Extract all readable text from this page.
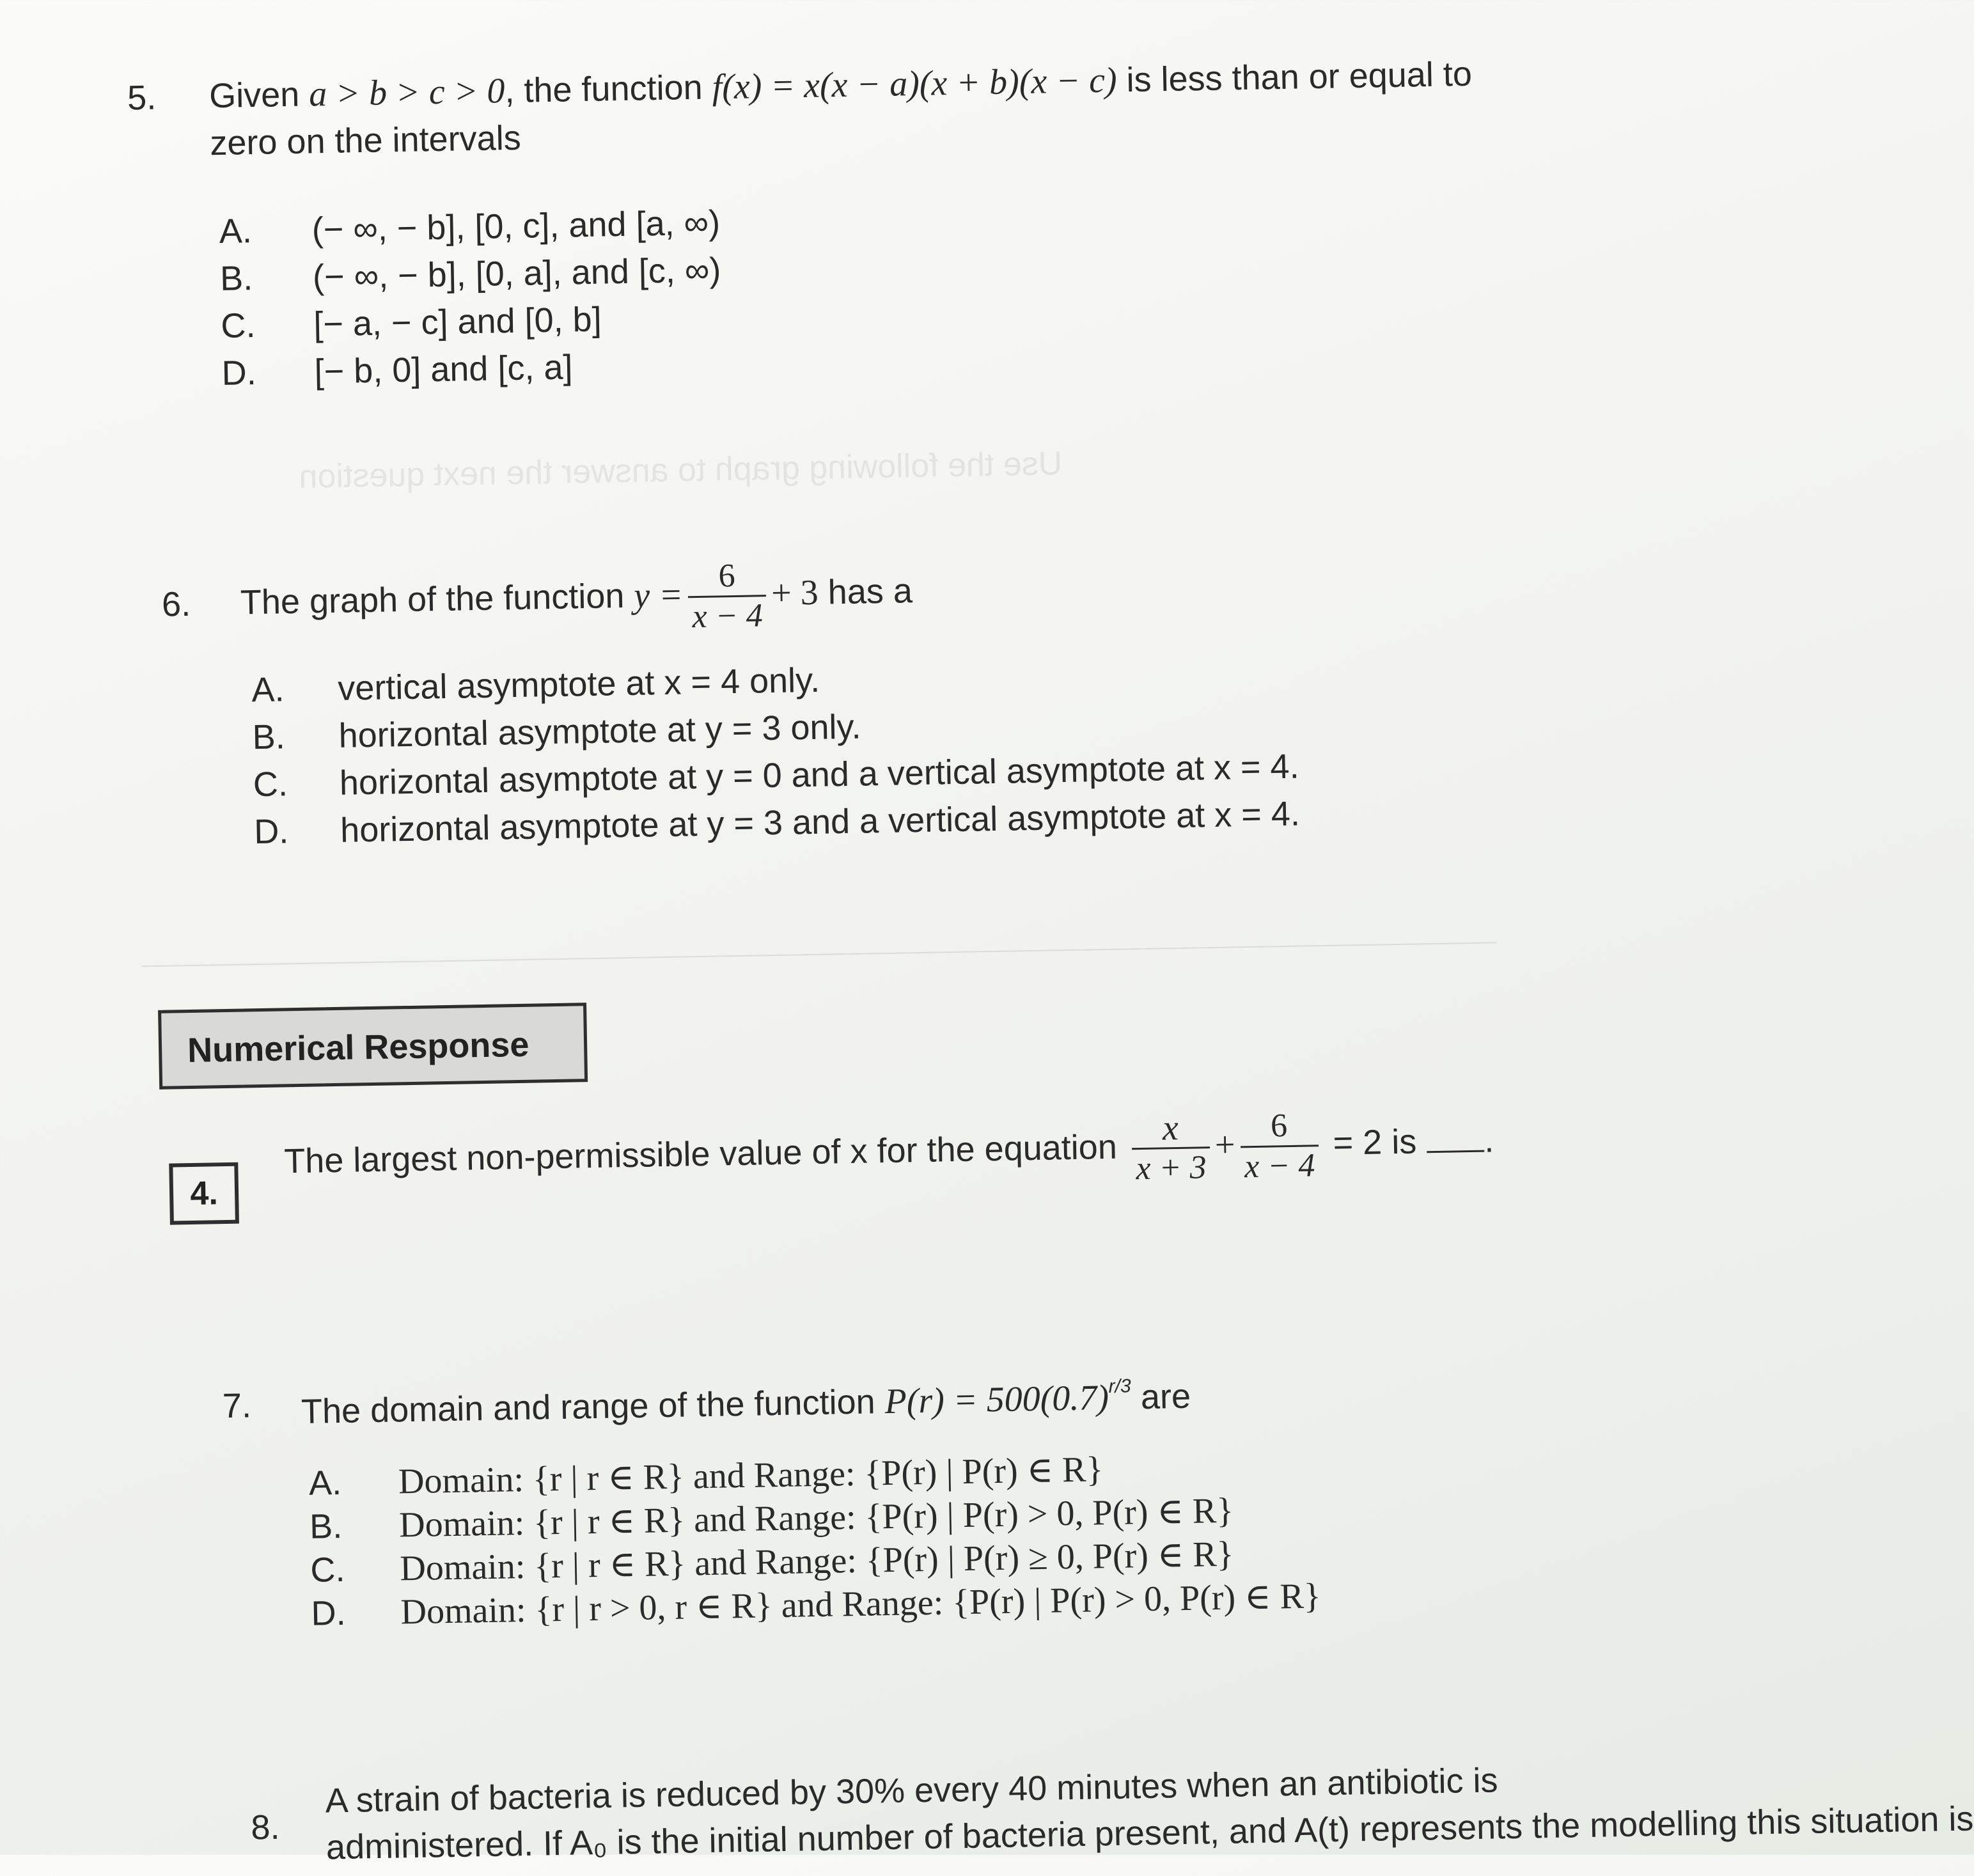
Use the following graph to answer the next question
5. Given a > b > c > 0, the function f(x) = x(x − a)(x + b)(x − c) is less than or equal to
zero on the intervals
A. (− ∞, − b], [0, c], and [a, ∞)
B. (− ∞, − b], [0, a], and [c, ∞)
C. [− a, − c] and [0, b]
D. [− b, 0] and [c, a]
6. The graph of the function $y = \frac{6}{x - 4} + 3$ has a
A. vertical asymptote at x = 4 only.
B. horizontal asymptote at y = 3 only.
C. horizontal asymptote at y = 0 and a vertical asymptote at x = 4.
D. horizontal asymptote at y = 3 and a vertical asymptote at x = 4.
Numerical Response
4.
The largest non-permissible value of x for the equation $\frac{x}{x + 3} + \frac{6}{x - 4} = 2$ is .
7. The domain and range of the function $P(r) = 500(0.7)^{r/3}$ are
A. Domain: {r | r ∈ R} and Range: {P(r) | P(r) ∈ R}
B. Domain: {r | r ∈ R} and Range: {P(r) | P(r) > 0, P(r) ∈ R}
C. Domain: {r | r ∈ R} and Range: {P(r) | P(r) ≥ 0, P(r) ∈ R}
D. Domain: {r | r > 0, r ∈ R} and Range: {P(r) | P(r) > 0, P(r) ∈ R}
8.
A strain of bacteria is reduced by 30% every 40 minutes when an antibiotic is
administered. If A₀ is the initial number of bacteria present, and A(t) represents the modelling this situation is
